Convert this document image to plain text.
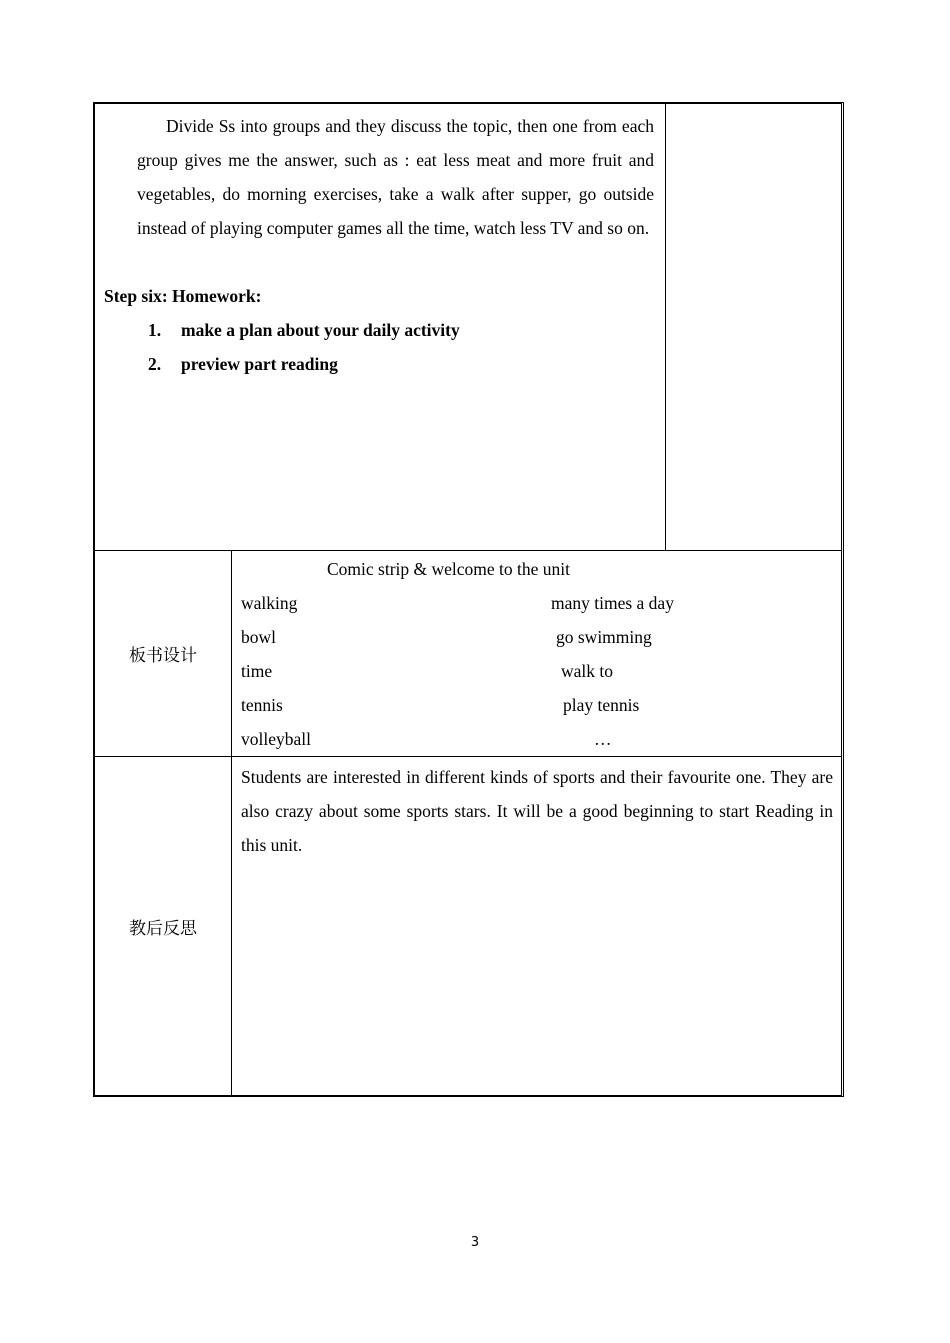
Divide Ss into groups and they discuss the topic, then one from each group gives me the answer, such as : eat less meat and more fruit and vegetables, do morning exercises, take a walk after supper, go outside instead of playing computer games all the time, watch less TV and so on.
Step six: Homework:
1. make a plan about your daily activity
2. preview part reading
板书设计
Comic strip & welcome to the unit
walking
bowl
time
tennis
volleyball
many times a day
go swimming
walk to
play tennis
…
教后反思
Students are interested in different kinds of sports and their favourite one. They are also crazy about some sports stars. It will be a good beginning to start Reading in this unit.
3
